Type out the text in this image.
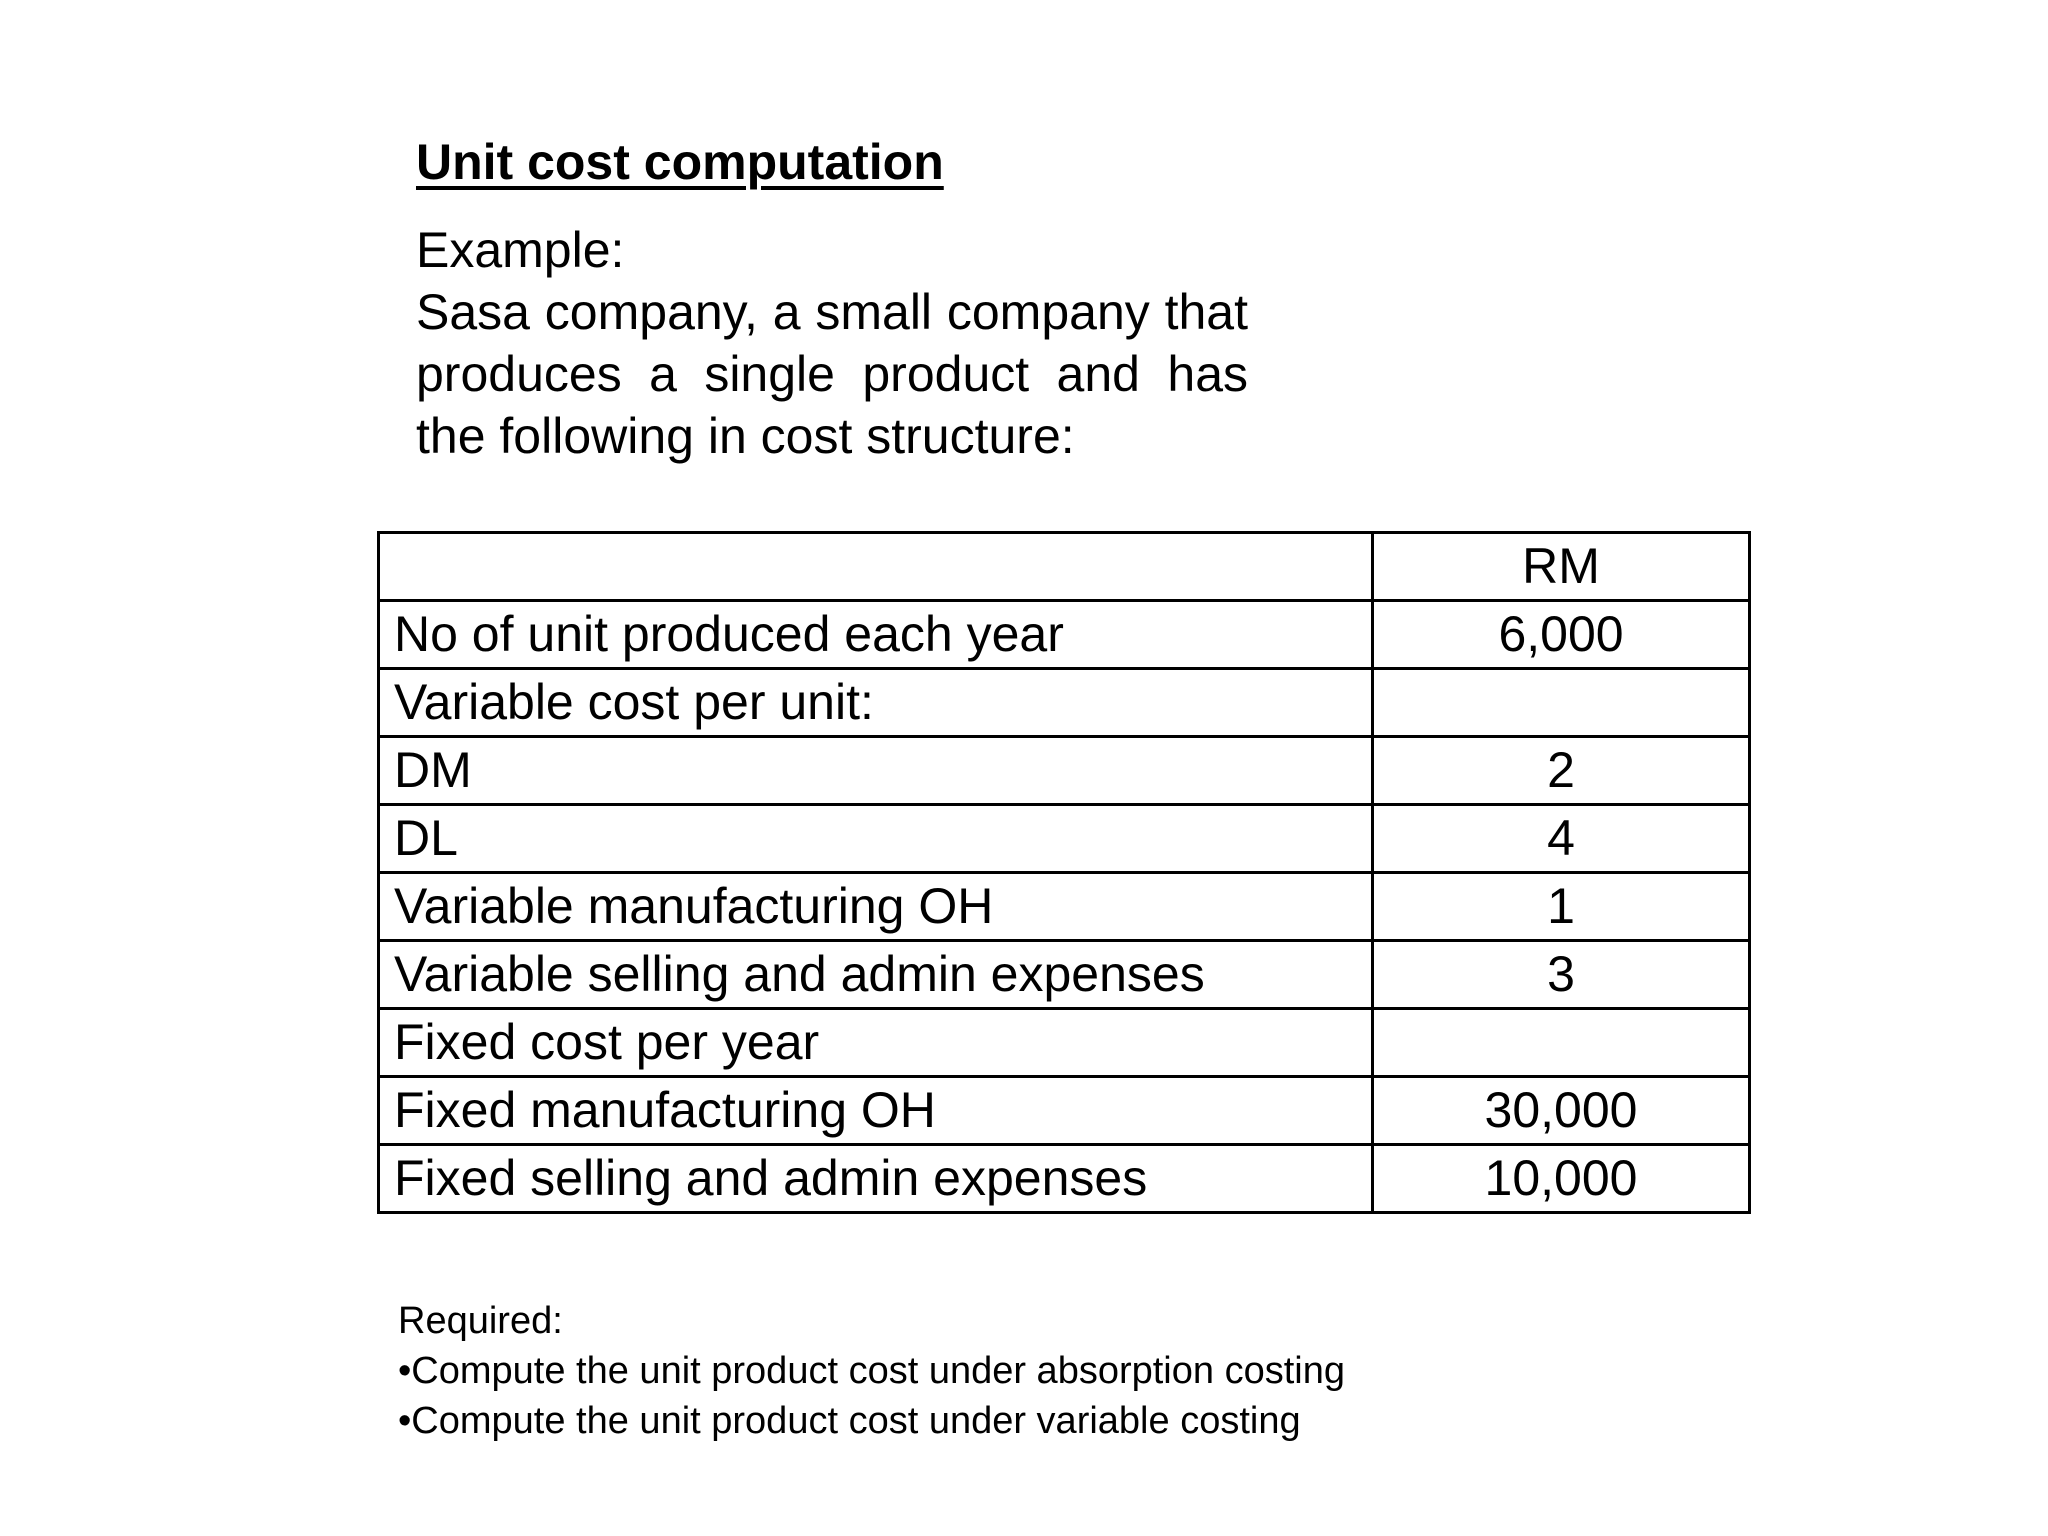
Unit cost computation
Example:
Sasa company, a small company that produces a single product and has the following in cost structure:
	RM
No of unit produced each year	6,000
Variable cost per unit:	
DM	2
DL	4
Variable manufacturing OH	1
Variable selling and admin expenses	3
Fixed cost per year	
Fixed manufacturing OH	30,000
Fixed selling and admin expenses	10,000
Required:
•Compute the unit product cost under absorption costing
•Compute the unit product cost under variable costing
